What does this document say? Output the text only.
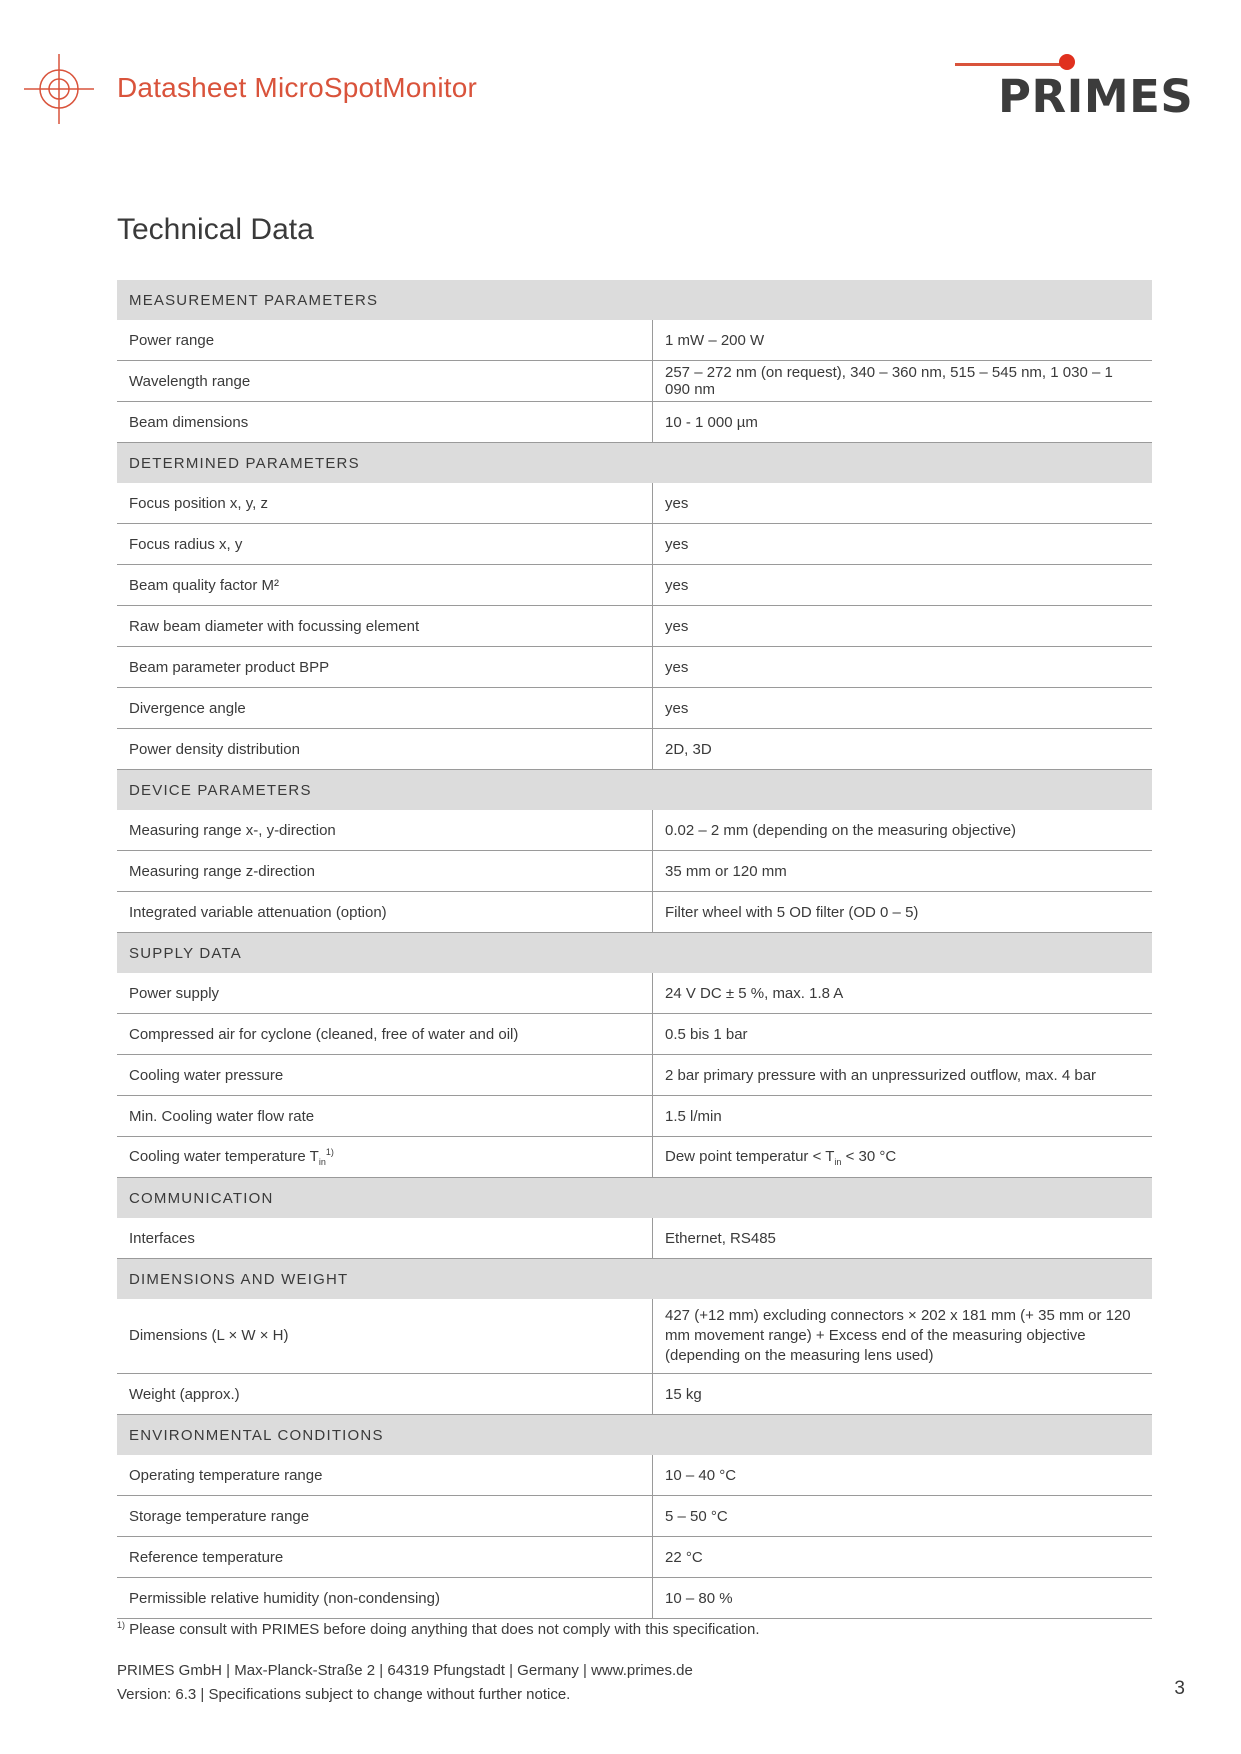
Datasheet MicroSpotMonitor	PRIMES
Technical Data
MEASUREMENT PARAMETERS	
Power range	1 mW – 200 W
Wavelength range	257 – 272 nm (on request), 340 – 360 nm, 515 – 545 nm, 1 030 – 1 090 nm
Beam dimensions	10 - 1 000 µm
DETERMINED PARAMETERS	
Focus position x, y, z	yes
Focus radius x, y	yes
Beam quality factor M²	yes
Raw beam diameter with focussing element	yes
Beam parameter product BPP	yes
Divergence angle	yes
Power density distribution	2D, 3D
DEVICE PARAMETERS	
Measuring range x-, y-direction	0.02 – 2 mm (depending on the measuring objective)
Measuring range z-direction	35 mm or 120 mm
Integrated variable attenuation (option)	Filter wheel with 5 OD filter (OD 0 – 5)
SUPPLY DATA	
Power supply	24 V DC ± 5 %, max. 1.8 A
Compressed air for cyclone (cleaned, free of water and oil)	0.5 bis 1 bar
Cooling water pressure	2 bar primary pressure with an unpressurized outflow, max. 4 bar
Min. Cooling water flow rate	1.5 l/min
Cooling water temperature $T_{in}^{1)}$	Dew point temperatur < $T_{in} < 30$ °C
COMMUNICATION	
Interfaces	Ethernet, RS485
DIMENSIONS AND WEIGHT	
Dimensions (L × W × H)	427 (+12 mm) excluding connectors × 202 x 181 mm (+ 35 mm or 120 mm movement range) + Excess end of the measuring objective (depending on the measuring lens used)
Weight (approx.)	15 kg
ENVIRONMENTAL CONDITIONS	
Operating temperature range	10 – 40 °C
Storage temperature range	5 – 50 °C
Reference temperature	22 °C
Permissible relative humidity (non-condensing)	10 – 80 %
$^{1)}$ Please consult with PRIMES before doing anything that does not comply with this specification.
PRIMES GmbH | Max-Planck-Straße 2 | 64319 Pfungstadt | Germany | www.primes.de
Version: 6.3 | Specifications subject to change without further notice.	3
